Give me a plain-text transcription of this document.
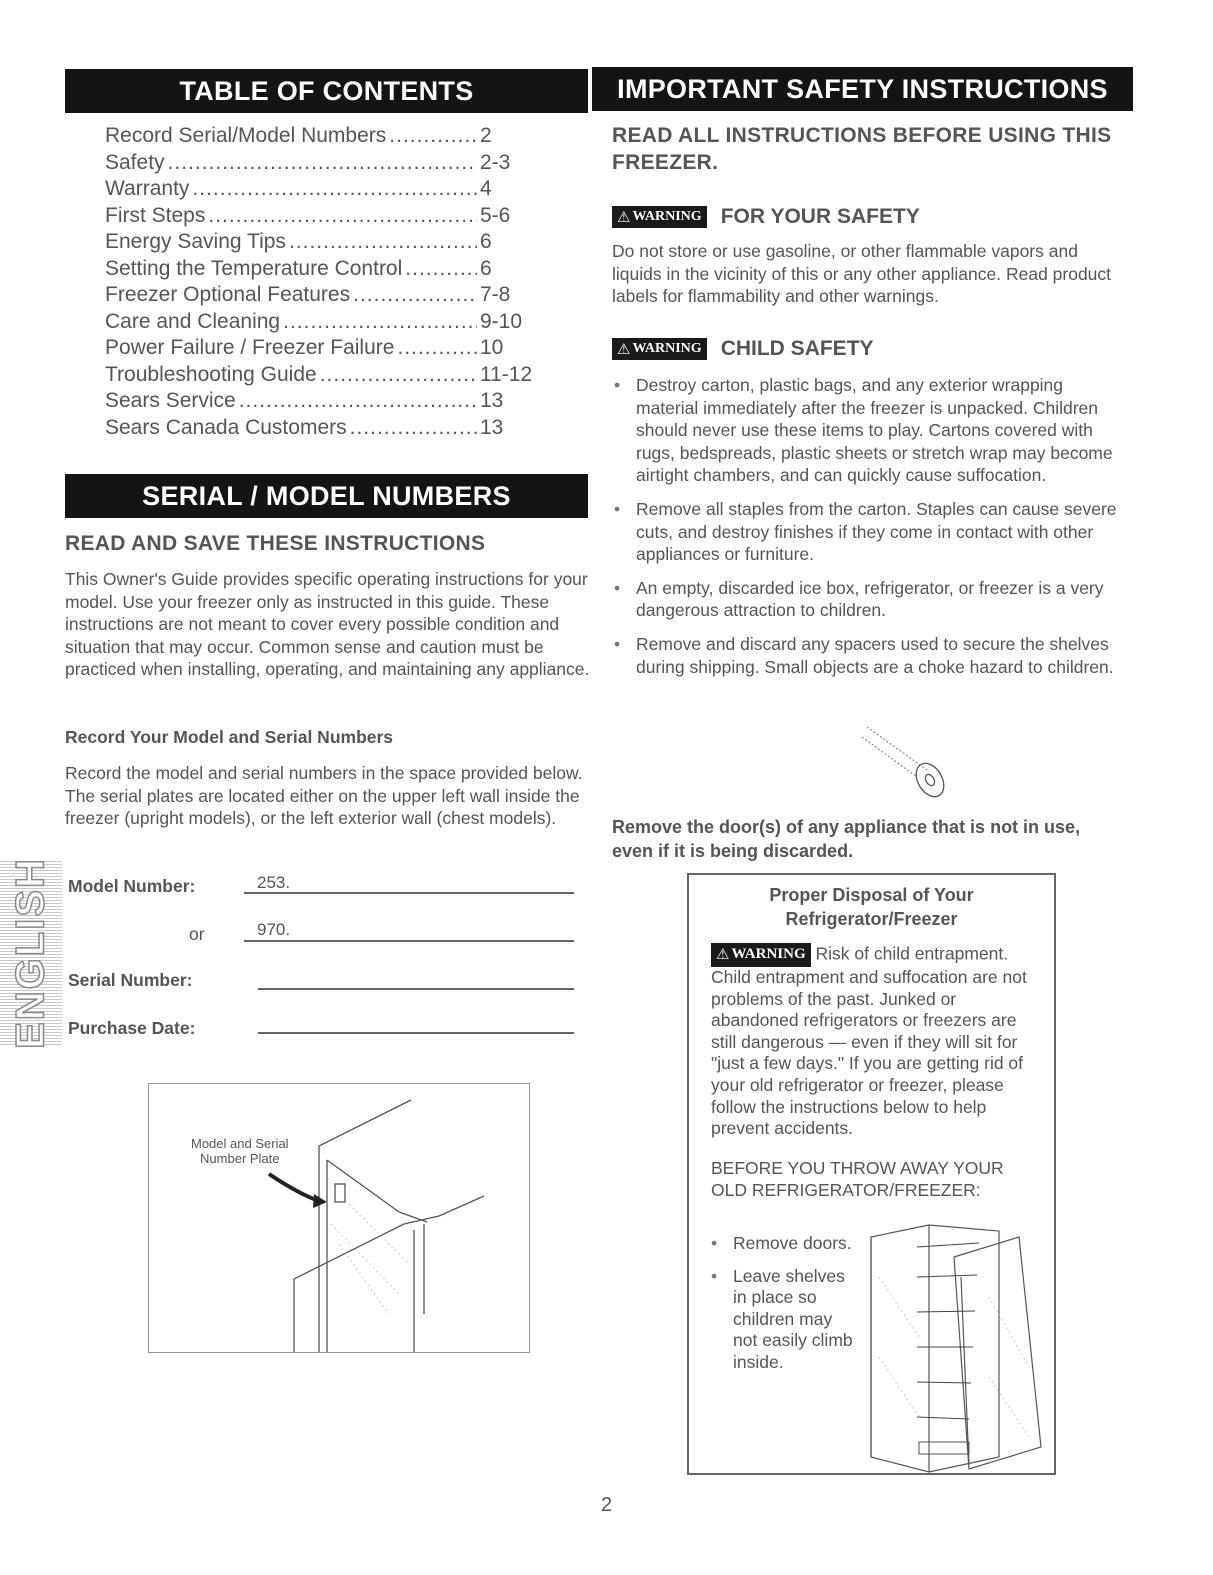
TABLE OF CONTENTS
Record Serial/Model Numbers .....	2
Safety .....	2-3
Warranty .....	4
First Steps .....	5-6
Energy Saving Tips .....	6
Setting the Temperature Control .....	6
Freezer Optional Features .....	7-8
Care and Cleaning .....	9-10
Power Failure / Freezer Failure .....	10
Troubleshooting Guide .....	11-12
Sears Service .....	13
Sears Canada Customers .....	13
SERIAL / MODEL NUMBERS
READ AND SAVE THESE INSTRUCTIONS

This Owner's Guide provides specific operating instructions for your model. Use your freezer only as instructed in this guide. These instructions are not meant to cover every possible condition and situation that may occur. Common sense and caution must be practiced when installing, operating, and maintaining any appliance.

Record Your Model and Serial Numbers

Record the model and serial numbers in the space provided below. The serial plates are located either on the upper left wall inside the freezer (upright models), or the left exterior wall (chest models).

ENGLISH Model Number:	253.
or	970.
Serial Number:
Purchase Date:
Model and Serial
Number Plate
IMPORTANT SAFETY INSTRUCTIONS
READ ALL INSTRUCTIONS BEFORE USING THIS FREEZER.
⚠ WARNING FOR YOUR SAFETY

Do not store or use gasoline, or other flammable vapors and liquids in the vicinity of this or any other appliance. Read product labels for flammability and other warnings.

⚠ WARNING CHILD SAFETY
• Destroy carton, plastic bags, and any exterior wrapping material immediately after the freezer is unpacked. Children should never use these items to play. Cartons covered with rugs, bedspreads, plastic sheets or stretch wrap may become airtight chambers, and can quickly cause suffocation.
• Remove all staples from the carton. Staples can cause severe cuts, and destroy finishes if they come in contact with other appliances or furniture.
• An empty, discarded ice box, refrigerator, or freezer is a very dangerous attraction to children.
• Remove and discard any spacers used to secure the shelves during shipping. Small objects are a choke hazard to children.
Remove the door(s) of any appliance that is not in use, even if it is being discarded.
Proper Disposal of Your
Refrigerator/Freezer
⚠ WARNING Risk of child entrapment. Child entrapment and suffocation are not problems of the past. Junked or abandoned refrigerators or freezers are still dangerous — even if they will sit for "just a few days." If you are getting rid of your old refrigerator or freezer, please follow the instructions below to help prevent accidents.
BEFORE YOU THROW AWAY YOUR
OLD REFRIGERATOR/FREEZER:
• Remove doors.
• Leave shelves in place so children may not easily climb inside.
2
